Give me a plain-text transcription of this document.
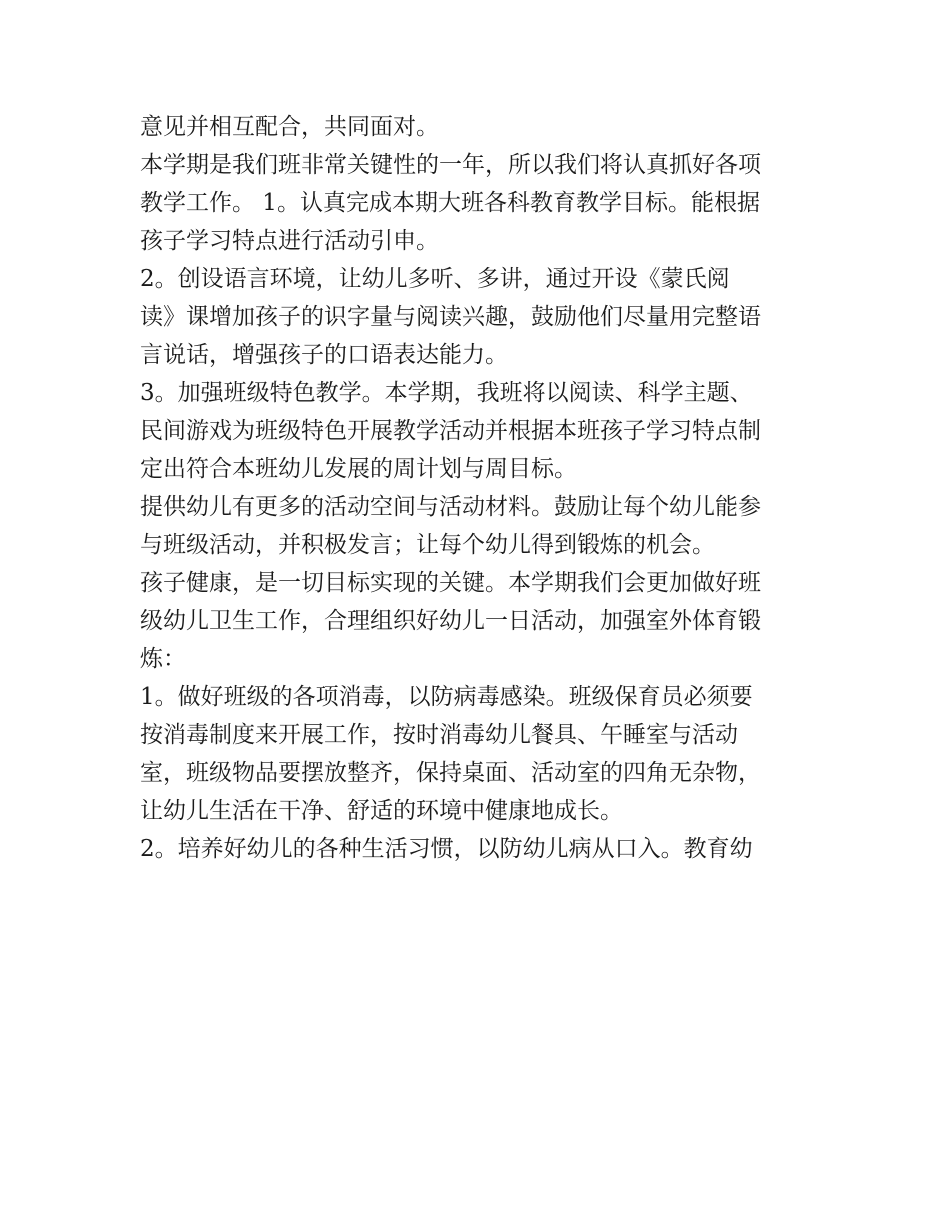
意见并相互配合，共同面对。
本学期是我们班非常关键性的一年，所以我们将认真抓好各项
教学工作。 1。认真完成本期大班各科教育教学目标。能根据
孩子学习特点进行活动引申。
2。创设语言环境，让幼儿多听、多讲，通过开设《蒙氏阅
读》课增加孩子的识字量与阅读兴趣，鼓励他们尽量用完整语
言说话，增强孩子的口语表达能力。
3。加强班级特色教学。本学期，我班将以阅读、科学主题、
民间游戏为班级特色开展教学活动并根据本班孩子学习特点制
定出符合本班幼儿发展的周计划与周目标。
提供幼儿有更多的活动空间与活动材料。鼓励让每个幼儿能参
与班级活动，并积极发言；让每个幼儿得到锻炼的机会。
孩子健康，是一切目标实现的关键。本学期我们会更加做好班
级幼儿卫生工作，合理组织好幼儿一日活动，加强室外体育锻
炼：
1。做好班级的各项消毒，以防病毒感染。班级保育员必须要
按消毒制度来开展工作，按时消毒幼儿餐具、午睡室与活动
室，班级物品要摆放整齐，保持桌面、活动室的四角无杂物，
让幼儿生活在干净、舒适的环境中健康地成长。
2。培养好幼儿的各种生活习惯，以防幼儿病从口入。教育幼
